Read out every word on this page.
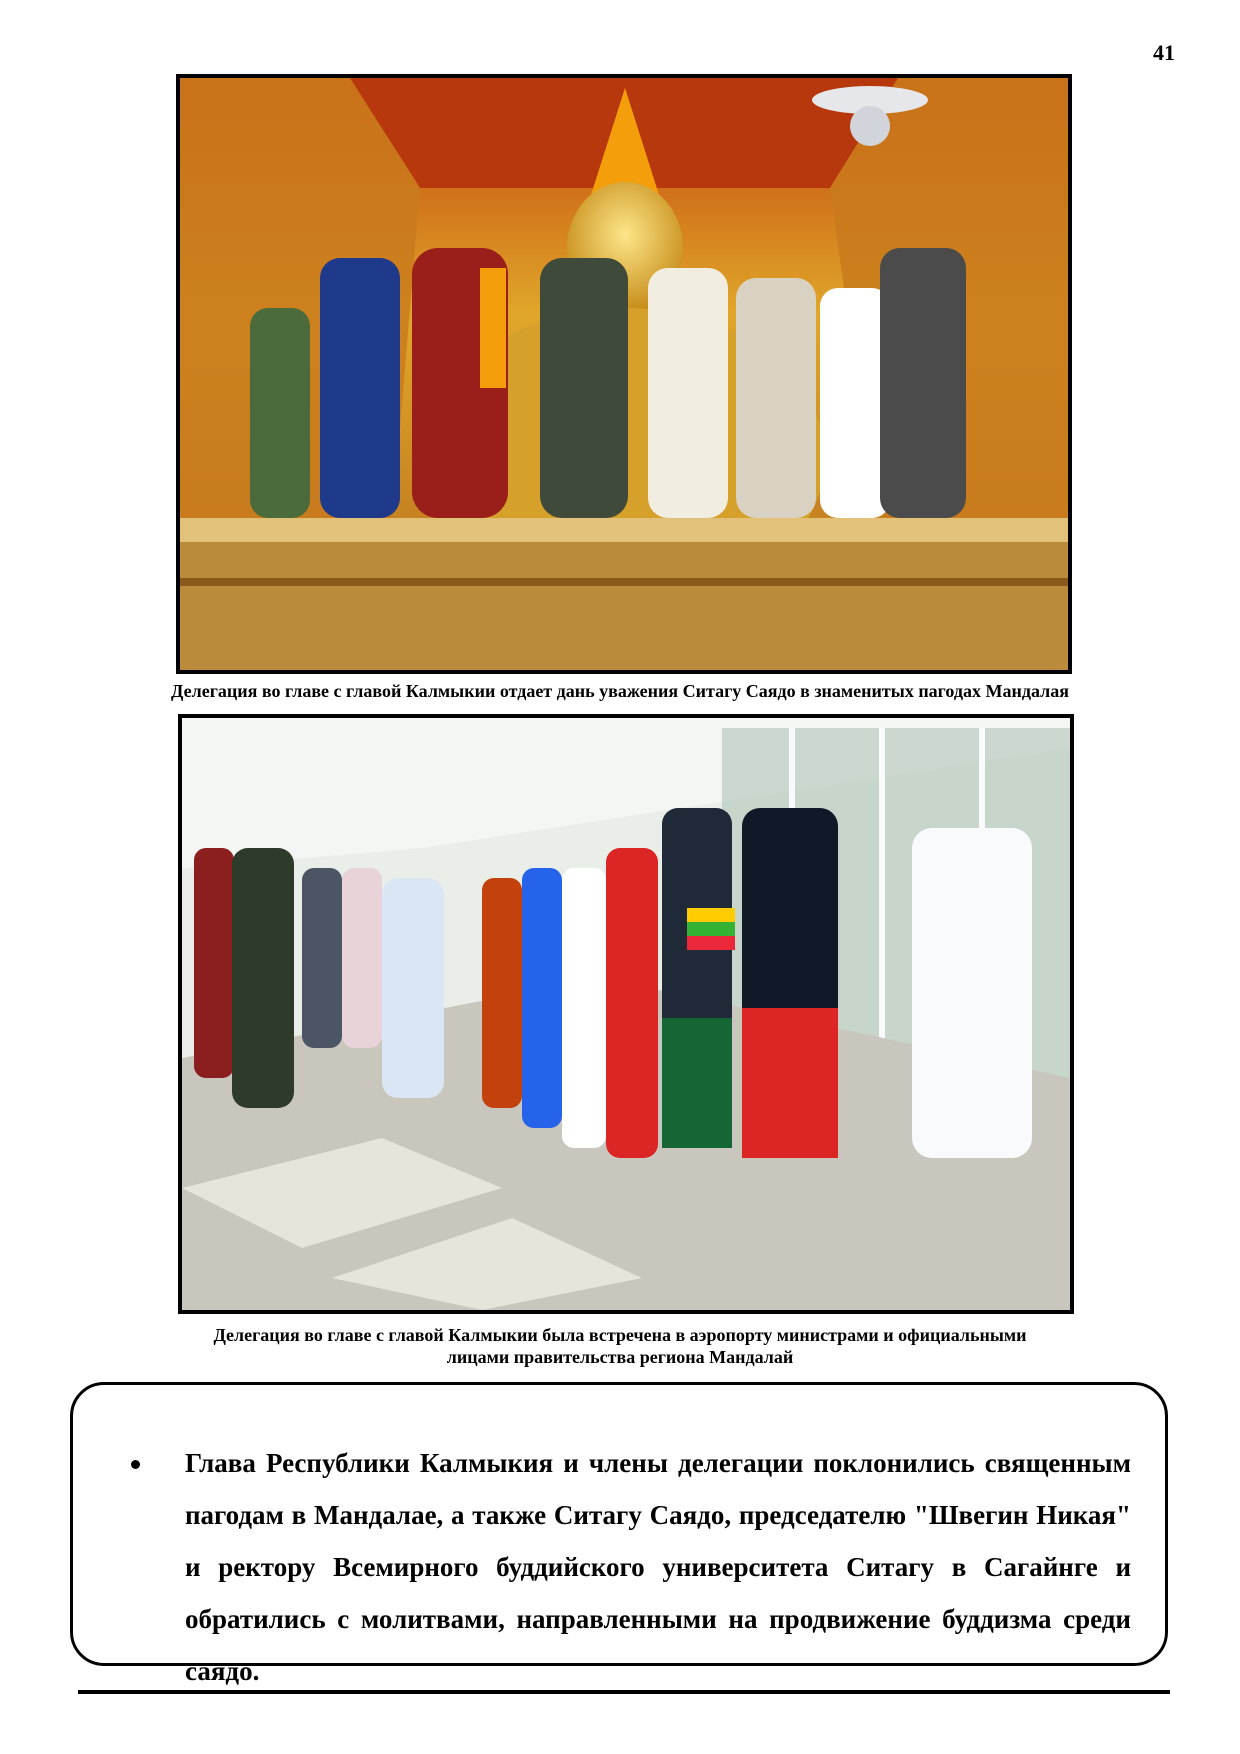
41
Делегация во главе с главой Калмыкии отдает дань уважения Ситагу Саядо в знаменитых пагодах Мандалая
Делегация во главе с главой Калмыкии была встречена в аэропорту министрами и официальными
лицами правительства региона Мандалай
Глава Республики Калмыкия и члены делегации поклонились священным пагодам в Мандалае, а также Ситагу Саядо, председателю "Швегин Никая" и ректору Всемирного буддийского университета Ситагу в Сагайнге и обратились с молитвами, направленными на продвижение буддизма среди саядо.
